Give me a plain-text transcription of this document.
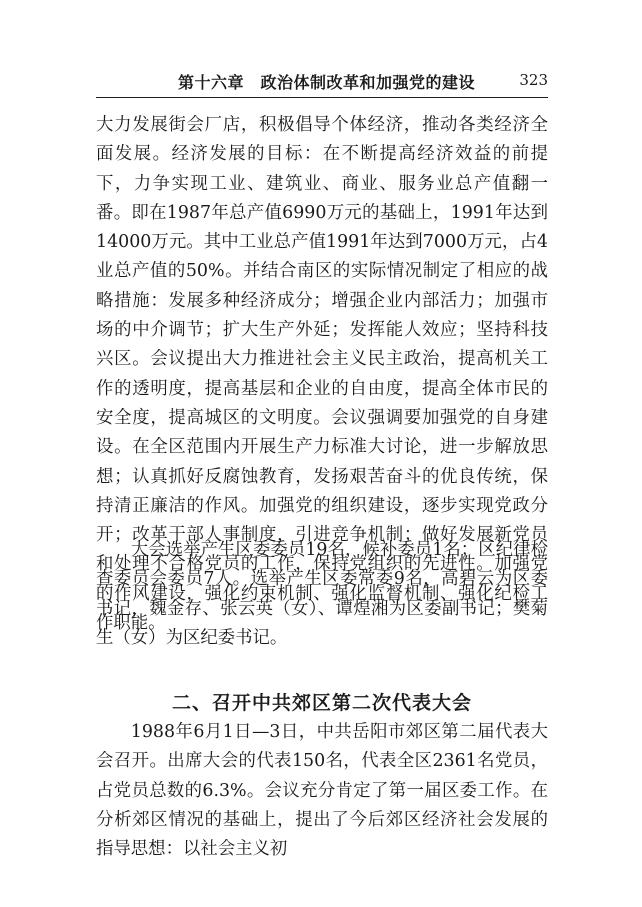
第十六章　政治体制改革和加强党的建设	323

大力发展街会厂店，积极倡导个体经济，推动各类经济全面发展。经济发展的目标：在不断提高经济效益的前提下，力争实现工业、建筑业、商业、服务业总产值翻一番。即在1987年总产值6990万元的基础上，1991年达到14000万元。其中工业总产值1991年达到7000万元，占4业总产值的50%。并结合南区的实际情况制定了相应的战略措施：发展多种经济成分；增强企业内部活力；加强市场的中介调节；扩大生产外延；发挥能人效应；坚持科技兴区。会议提出大力推进社会主义民主政治，提高机关工作的透明度，提高基层和企业的自由度，提高全体市民的安全度，提高城区的文明度。会议强调要加强党的自身建设。在全区范围内开展生产力标准大讨论，进一步解放思想；认真抓好反腐蚀教育，发扬艰苦奋斗的优良传统，保持清正廉洁的作风。加强党的组织建设，逐步实现党政分开；改革干部人事制度，引进竞争机制；做好发展新党员和处理不合格党员的工作，保持党组织的先进性。加强党的作风建设，强化约束机制、强化监督机制、强化纪检工作职能。

大会选举产生区委委员19名，候补委员1名；区纪律检查委员会委员7人。选举产生区委常委9名，高碧云为区委书记，魏金存、张云英（女）、谭煌湘为区委副书记；樊菊生（女）为区纪委书记。

二、召开中共郊区第二次代表大会

1988年6月1日—3日，中共岳阳市郊区第二届代表大会召开。出席大会的代表150名，代表全区2361名党员，占党员总数的6.3%。会议充分肯定了第一届区委工作。在分析郊区情况的基础上，提出了今后郊区经济社会发展的指导思想：以社会主义初
